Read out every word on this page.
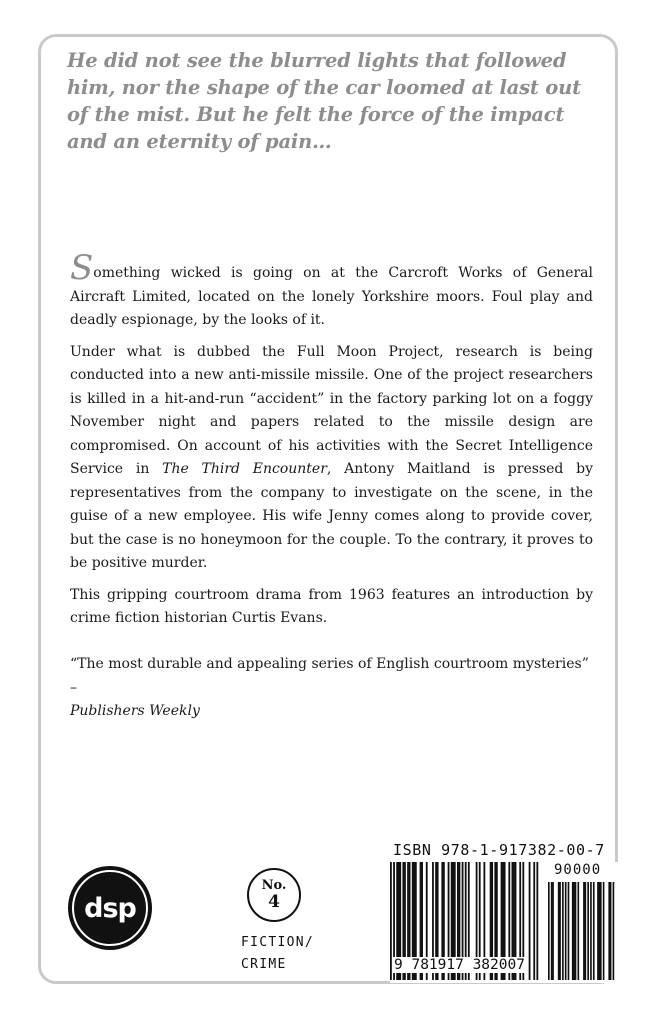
He did not see the blurred lights that followed him, nor the shape of the car loomed at last out of the mist. But he felt the force of the impact and an eternity of pain…

Something wicked is going on at the Carcroft Works of General Aircraft Limited, located on the lonely Yorkshire moors. Foul play and deadly espionage, by the looks of it.

Under what is dubbed the Full Moon Project, research is being conducted into a new anti-missile missile. One of the project researchers is killed in a hit-and-run “accident” in the factory parking lot on a foggy November night and papers related to the missile design are compromised. On account of his activities with the Secret Intelligence Service in The Third Encounter, Antony Maitland is pressed by representatives from the company to investigate on the scene, in the guise of a new employee. His wife Jenny comes along to provide cover, but the case is no honeymoon for the couple. To the contrary, it proves to be positive murder.

This gripping courtroom drama from 1963 features an introduction by crime fiction historian Curtis Evans.

“The most durable and appealing series of English courtroom mysteries” –
Publishers Weekly
dsp
No.
4
FICTION/
CRIME
ISBN 978-1-917382-00-7
90000
9 781917 382007
